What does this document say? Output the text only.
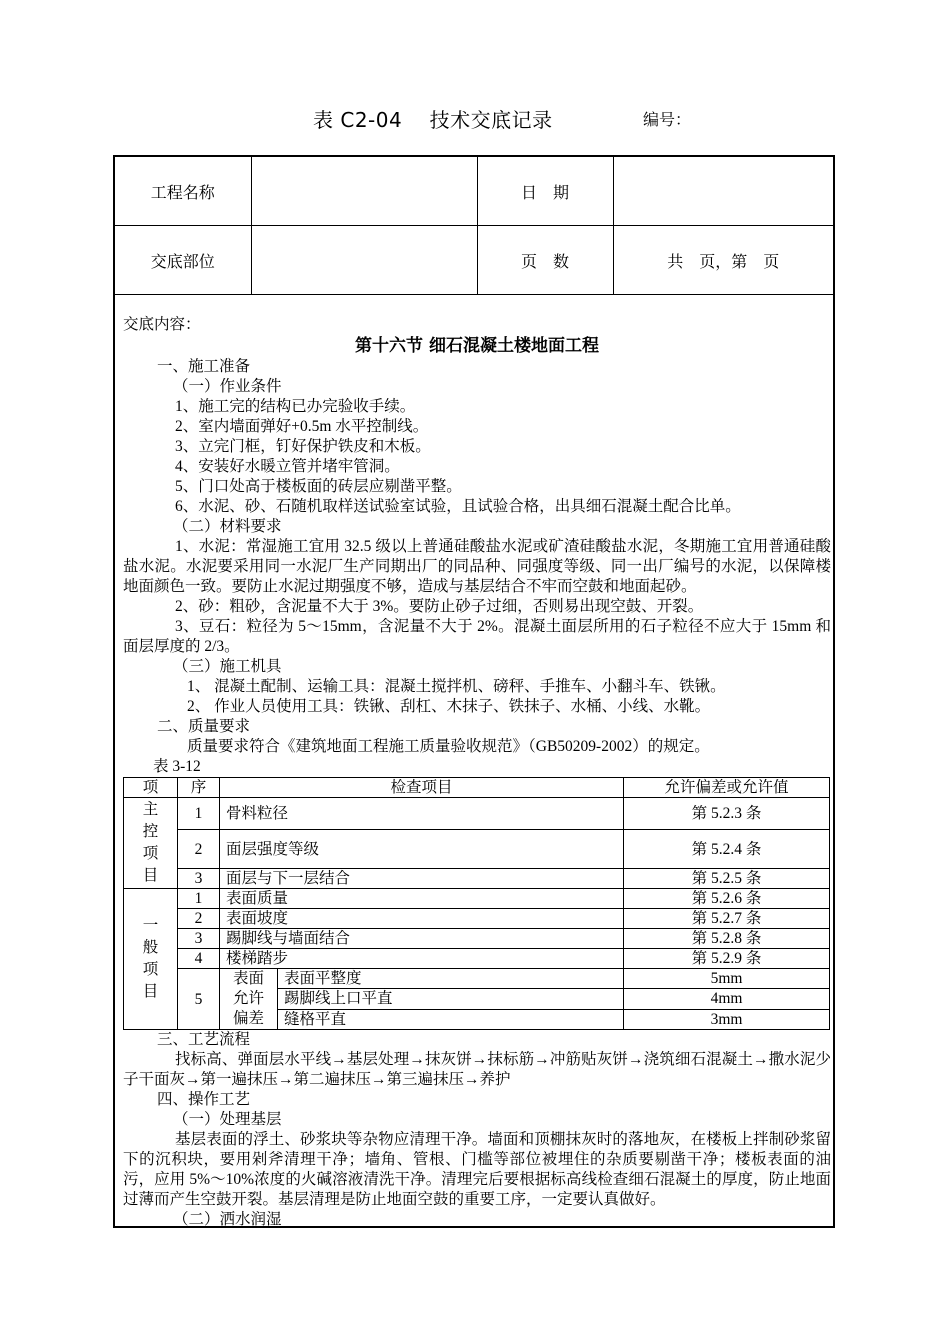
表 C2-04    技术交底记录	编号：
工程名称		日    期	
交底部位		页    数	共    页，第    页

交底内容：

第十六节 细石混凝土楼地面工程

一、施工准备

（一）作业条件

1、施工完的结构已办完验收手续。

2、室内墙面弹好+0.5m 水平控制线。

3、立完门框，钉好保护铁皮和木板。

4、安装好水暖立管并堵牢管洞。

5、门口处高于楼板面的砖层应剔凿平整。

6、水泥、砂、石随机取样送试验室试验，且试验合格，出具细石混凝土配合比单。

（二）材料要求

1、水泥：常湿施工宜用 32.5 级以上普通硅酸盐水泥或矿渣硅酸盐水泥，冬期施工宜用普通硅酸盐水泥。水泥要采用同一水泥厂生产同期出厂的同品种、同强度等级、同一出厂编号的水泥，以保障楼地面颜色一致。要防止水泥过期强度不够，造成与基层结合不牢而空鼓和地面起砂。

2、砂：粗砂，含泥量不大于 3%。要防止砂子过细，否则易出现空鼓、开裂。

3、豆石：粒径为 5～15mm，含泥量不大于 2%。混凝土面层所用的石子粒径不应大于 15mm 和面层厚度的 2/3。

（三）施工机具

1、 混凝土配制、运输工具：混凝土搅拌机、磅秤、手推车、小翻斗车、铁锹。

2、 作业人员使用工具：铁锹、刮杠、木抹子、铁抹子、水桶、小线、水靴。

二、质量要求

质量要求符合《建筑地面工程施工质量验收规范》（GB50209-2002）的规定。

表 3-12

项	序	检查项目		允许偏差或允许值
主控项目	1	骨料粒径		第 5.2.3 条
	2	面层强度等级		第 5.2.4 条
	3	面层与下一层结合		第 5.2.5 条
一般项目	1	表面质量		第 5.2.6 条
	2	表面坡度		第 5.2.7 条
	3	踢脚线与墙面结合		第 5.2.8 条
	4	楼梯踏步		第 5.2.9 条
	5	表面允许偏差	表面平整度	5mm
			踢脚线上口平直	4mm
			缝格平直	3mm

三、工艺流程

找标高、弹面层水平线→基层处理→抹灰饼→抹标筋→冲筋贴灰饼→浇筑细石混凝土→撒水泥少子干面灰→第一遍抹压→第二遍抹压→第三遍抹压→养护

四、操作工艺

（一）处理基层

基层表面的浮土、砂浆块等杂物应清理干净。墙面和顶棚抹灰时的落地灰，在楼板上拌制砂浆留下的沉积块，要用剁斧清理干净；墙角、管根、门槛等部位被埋住的杂质要剔凿干净；楼板表面的油污，应用 5%～10%浓度的火碱溶液清洗干净。清理完后要根据标高线检查细石混凝土的厚度，防止地面过薄而产生空鼓开裂。基层清理是防止地面空鼓的重要工序，一定要认真做好。

（二）洒水润湿
